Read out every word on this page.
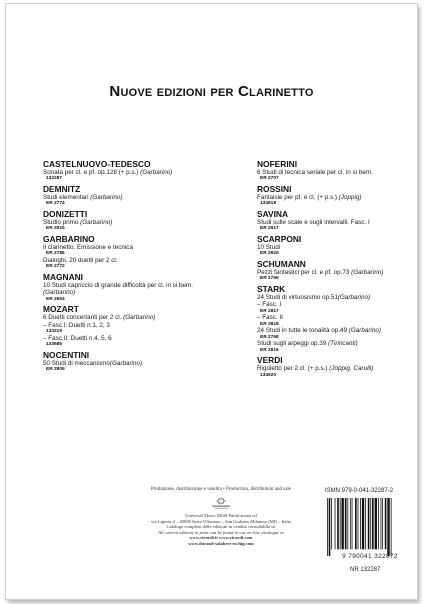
Nuove edizioni per Clarinetto
CASTELNUOVO-TEDESCO
Sonata per cl. e pf. op.128 (+ p.s.) (Garbarino)
132287
DEMNITZ
Studi elementari (Garbarino)
ER 2774
DONIZETTI
Studio primo (Garbarino)
ER 2915
GARBARINO
Il clarinetto. Emissione e tecnica
ER 2786
Dialoghi. 20 duetti per 2 cl.
ER 2772
MAGNANI
10 Studi capriccio di grande difficoltà per cl. in si bem.
(Garbarino)
ER 2654
MOZART
6 Duetti concertanti per 2 cl. (Garbarino)
– Fasc.I: Duetti n.1, 2, 3
133219
– Fasc.II: Duetti n.4, 5, 6
133685
NOCENTINI
50 Studi di meccanismo(Garbarino)
ER 2809
NOFERINI
6 Studi di tecnica seriale per cl. in si bem.
ER 2707
ROSSINI
Fantaisie per pf. e cl. (+ p.s.) (Joppig)
134918
SAVINA
Studi sulle scale e sugli intervalli. Fasc. I
ER 2917
SCARPONI
10 Studi
ER 2920
SCHUMANN
Pezzi fantastici per cl. e pf. op.73 (Garbarino)
ER 2765
STARK
24 Studi di virtuosismo op.51(Garbarino)
– Fasc. I
ER 2817
– Fasc. II
ER 2818
24 Studi in tutte le tonalità op.49 (Garbarino)
ER 2768
Studi sugli arpeggi op.39 (Tirincanti)
ER 2816
VERDI
Rigoletto per 2 cl. (+ p.s.) (Joppig, Carulli)
134920
Produzione, distribuzione e vendita • Production, distribution and sale
Universal Music MGB Publications srl
via Liguria 4 – 20098 Sesto Ulteriano – San Giuliano Milanese (MI) – Italia
Catalogo completo delle edizioni in vendita consultabile su
All current editions in print can be found in our on-line catalogue at
www.ricordi.it www.ricordi.com
www.durand-salabert-eschig.com
ISMN 979-0-041-32287-2
9 790041 322872
NR 132287
